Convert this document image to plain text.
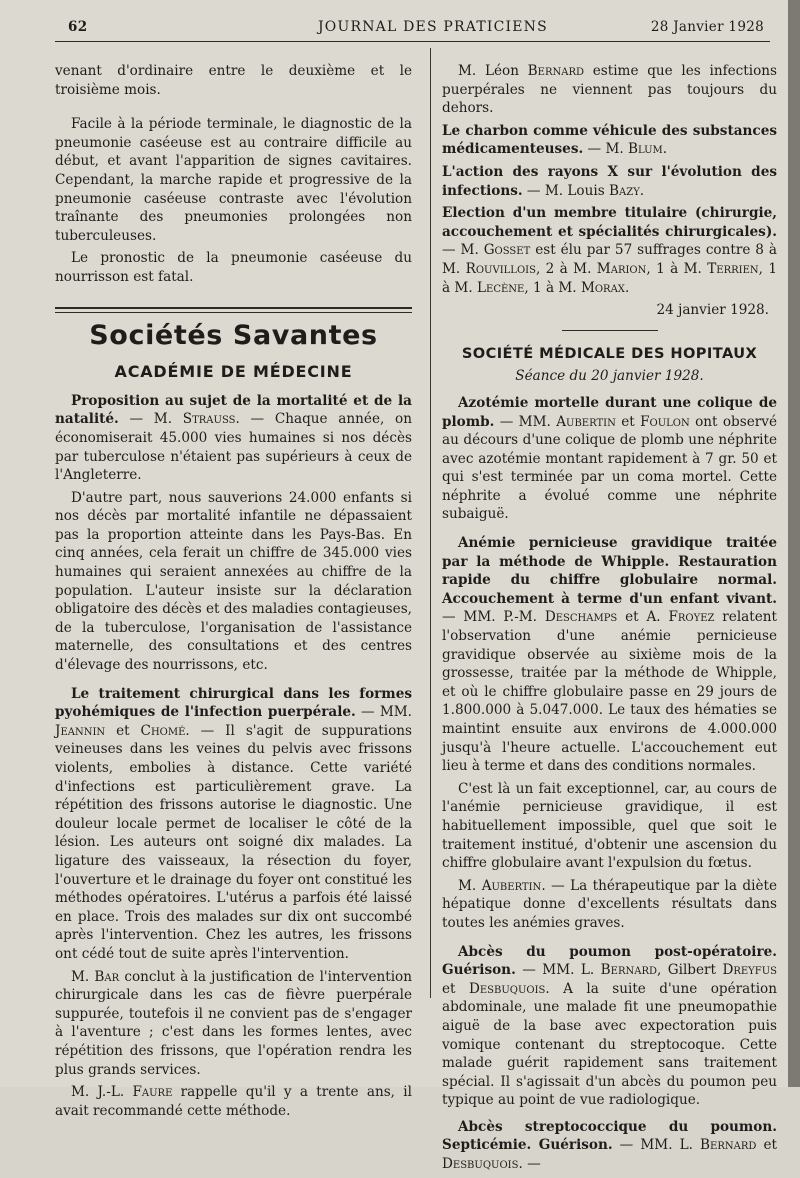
62	JOURNAL DES PRATICIENS	28 Janvier 1928

venant d'ordinaire entre le deuxième et le troisième mois.

Facile à la période terminale, le diagnostic de la pneumonie caséeuse est au contraire difficile au début, et avant l'apparition de signes cavitaires. Cependant, la marche rapide et progressive de la pneumonie caséeuse contraste avec l'évolution traînante des pneumonies prolongées non tuberculeuses.

Le pronostic de la pneumonie caséeuse du nourrisson est fatal.

Sociétés Savantes
ACADÉMIE DE MÉDECINE

Proposition au sujet de la mortalité et de la natalité. — M. Strauss. — Chaque année, on économiserait 45.000 vies humaines si nos décès par tuberculose n'étaient pas supérieurs à ceux de l'Angleterre.

D'autre part, nous sauverions 24.000 enfants si nos décès par mortalité infantile ne dépassaient pas la proportion atteinte dans les Pays-Bas. En cinq années, cela ferait un chiffre de 345.000 vies humaines qui seraient annexées au chiffre de la population. L'auteur insiste sur la déclaration obligatoire des décès et des maladies contagieuses, de la tuberculose, l'organisation de l'assistance maternelle, des consultations et des centres d'élevage des nourrissons, etc.

Le traitement chirurgical dans les formes pyohémiques de l'infection puerpérale. — MM. Jeannin et Chomé. — Il s'agit de suppurations veineuses dans les veines du pelvis avec frissons violents, embolies à distance. Cette variété d'infections est particulièrement grave. La répétition des frissons autorise le diagnostic. Une douleur locale permet de localiser le côté de la lésion. Les auteurs ont soigné dix malades. La ligature des vaisseaux, la résection du foyer, l'ouverture et le drainage du foyer ont constitué les méthodes opératoires. L'utérus a parfois été laissé en place. Trois des malades sur dix ont succombé après l'intervention. Chez les autres, les frissons ont cédé tout de suite après l'intervention.

M. Bar conclut à la justification de l'intervention chirurgicale dans les cas de fièvre puerpérale suppurée, toutefois il ne convient pas de s'engager à l'aventure ; c'est dans les formes lentes, avec répétition des frissons, que l'opération rendra les plus grands services.

M. J.-L. Faure rappelle qu'il y a trente ans, il avait recommandé cette méthode.

M. Léon Bernard estime que les infections puerpérales ne viennent pas toujours du dehors.

Le charbon comme véhicule des substances médicamenteuses. — M. Blum.

L'action des rayons X sur l'évolution des infections. — M. Louis Bazy.

Election d'un membre titulaire (chirurgie, accouchement et spécialités chirurgicales). — M. Gosset est élu par 57 suffrages contre 8 à M. Rouvillois, 2 à M. Marion, 1 à M. Terrien, 1 à M. Lecène, 1 à M. Morax.

24 janvier 1928.
SOCIÉTÉ MÉDICALE DES HOPITAUX
Séance du 20 janvier 1928.

Azotémie mortelle durant une colique de plomb. — MM. Aubertin et Foulon ont observé au décours d'une colique de plomb une néphrite avec azotémie montant rapidement à 7 gr. 50 et qui s'est terminée par un coma mortel. Cette néphrite a évolué comme une néphrite subaiguë.

Anémie pernicieuse gravidique traitée par la méthode de Whipple. Restauration rapide du chiffre globulaire normal. Accouchement à terme d'un enfant vivant. — MM. P.-M. Deschamps et A. Froyez relatent l'observation d'une anémie pernicieuse gravidique observée au sixième mois de la grossesse, traitée par la méthode de Whipple, et où le chiffre globulaire passe en 29 jours de 1.800.000 à 5.047.000. Le taux des hématies se maintint ensuite aux environs de 4.000.000 jusqu'à l'heure actuelle. L'accouchement eut lieu à terme et dans des conditions normales.

C'est là un fait exceptionnel, car, au cours de l'anémie pernicieuse gravidique, il est habituellement impossible, quel que soit le traitement institué, d'obtenir une ascension du chiffre globulaire avant l'expulsion du fœtus.

M. Aubertin. — La thérapeutique par la diète hépatique donne d'excellents résultats dans toutes les anémies graves.

Abcès du poumon post-opératoire. Guérison. — MM. L. Bernard, Gilbert Dreyfus et Desbuquois. A la suite d'une opération abdominale, une malade fit une pneumopathie aiguë de la base avec expectoration puis vomique contenant du streptocoque. Cette malade guérit rapidement sans traitement spécial. Il s'agissait d'un abcès du poumon peu typique au point de vue radiologique.

Abcès streptococcique du poumon. Septicémie. Guérison. — MM. L. Bernard et Desbuquois. —
